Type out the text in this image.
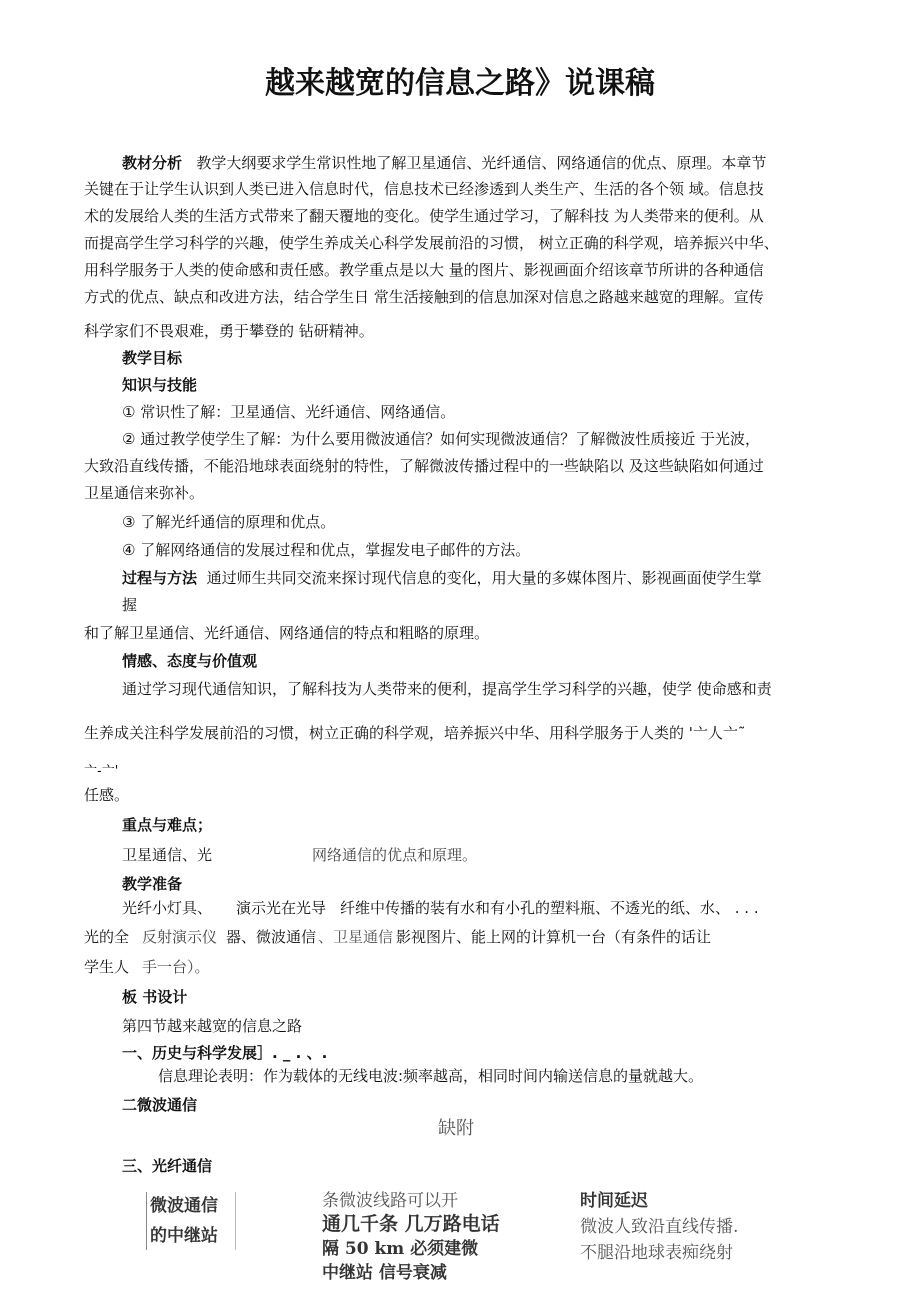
越来越宽的信息之路》说课稿
教材分析 教学大纲要求学生常识性地了解卫星通信、光纤通信、网络通信的优点、原理。本章节
关键在于让学生认识到人类已进入信息时代，信息技术已经渗透到人类生产、生活的各个领 域。信息技
术的发展给人类的生活方式带来了翻天覆地的变化。使学生通过学习，了解科技 为人类带来的便利。从
而提高学生学习科学的兴趣，使学生养成关心科学发展前沿的习惯， 树立正确的科学观，培养振兴中华、
用科学服务于人类的使命感和责任感。教学重点是以大 量的图片、影视画面介绍该章节所讲的各种通信
方式的优点、缺点和改进方法，结合学生日 常生活接触到的信息加深对信息之路越来越宽的理解。宣传
科学家们不畏艰难，勇于攀登的 钻研精神。
教学目标
知识与技能
① 常识性了解：卫星通信、光纤通信、网络通信。
② 通过教学使学生了解：为什么要用微波通信？如何实现微波通信？了解微波性质接近 于光波，
大致沿直线传播，不能沿地球表面绕射的特性，了解微波传播过程中的一些缺陷以 及这些缺陷如何通过
卫星通信来弥补。
③ 了解光纤通信的原理和优点。
④ 了解网络通信的发展过程和优点，掌握发电子邮件的方法。
过程与方法 通过师生共同交流来探讨现代信息的变化，用大量的多媒体图片、影视画面使学生掌
握
和了解卫星通信、光纤通信、网络通信的特点和粗略的原理。
情感、态度与价值观
通过学习现代通信知识，了解科技为人类带来的便利，提高学生学习科学的兴趣，使学 使命感和责
生养成关注科学发展前沿的习惯，树立正确的科学观，培养振兴中华、用科学服务于人类的 '亠人亠˜
亠-亠'
任感。
重点与难点；
卫星通信、光	网络通信的优点和原理。
教学准备
光纤小灯具、 演示光在光导 纤维中传播的装有水和有小孔的塑料瓶、不透光的纸、水、 . . .
光的全 反射演示仪 器、微波通信 、卫星通信 影视图片、能上网的计算机一台（有条件的话让
学生人 手一台）。
板 书设计
第四节越来越宽的信息之路
一、历史与科学发展］. _ . 、.
信息理论表明：作为载体的无线电波:频率越高，相同时间内输送信息的量就越大。
二微波通信
缺附
三、光纤通信
微波通信
的中继站
条微波线路可以开
通几千条 几万路电话
隔 50 km 必须建微
中继站 信号衰减
时间延迟
微波人致沿直线传播.
不腿沿地球表痴绕射
